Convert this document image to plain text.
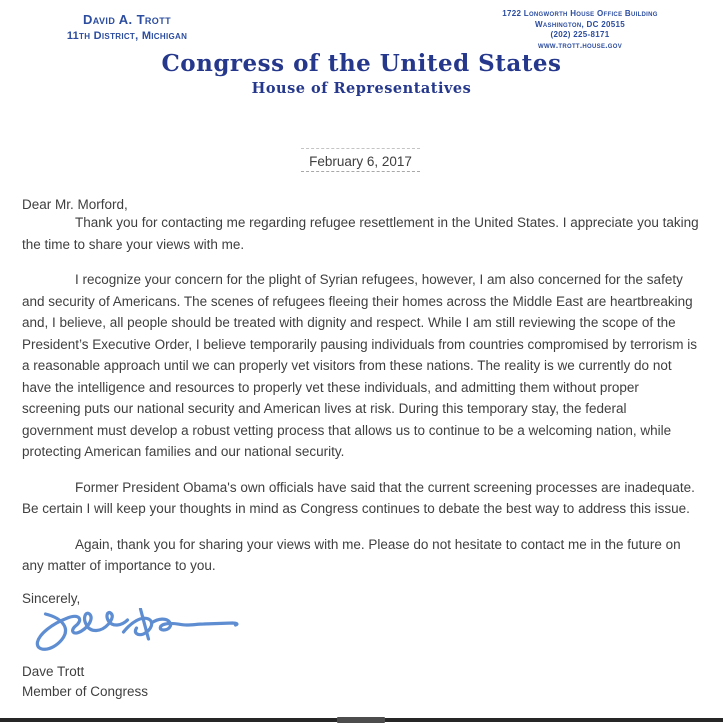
David A. Trott
11th District, Michigan
1722 Longworth House Office Building
Washington, DC 20515
(202) 225-8171
www.trott.house.gov
Congress of the United States
House of Representatives
February 6, 2017

Dear Mr. Morford,

Thank you for contacting me regarding refugee resettlement in the United States. I appreciate you taking the time to share your views with me.

I recognize your concern for the plight of Syrian refugees, however, I am also concerned for the safety and security of Americans. The scenes of refugees fleeing their homes across the Middle East are heartbreaking and, I believe, all people should be treated with dignity and respect. While I am still reviewing the scope of the President’s Executive Order, I believe temporarily pausing individuals from countries compromised by terrorism is a reasonable approach until we can properly vet visitors from these nations. The reality is we currently do not have the intelligence and resources to properly vet these individuals, and admitting them without proper screening puts our national security and American lives at risk. During this temporary stay, the federal government must develop a robust vetting process that allows us to continue to be a welcoming nation, while protecting American families and our national security.

Former President Obama's own officials have said that the current screening processes are inadequate. Be certain I will keep your thoughts in mind as Congress continues to debate the best way to address this issue.

Again, thank you for sharing your views with me. Please do not hesitate to contact me in the future on any matter of importance to you.

Sincerely,

Dave Trott

Member of Congress
